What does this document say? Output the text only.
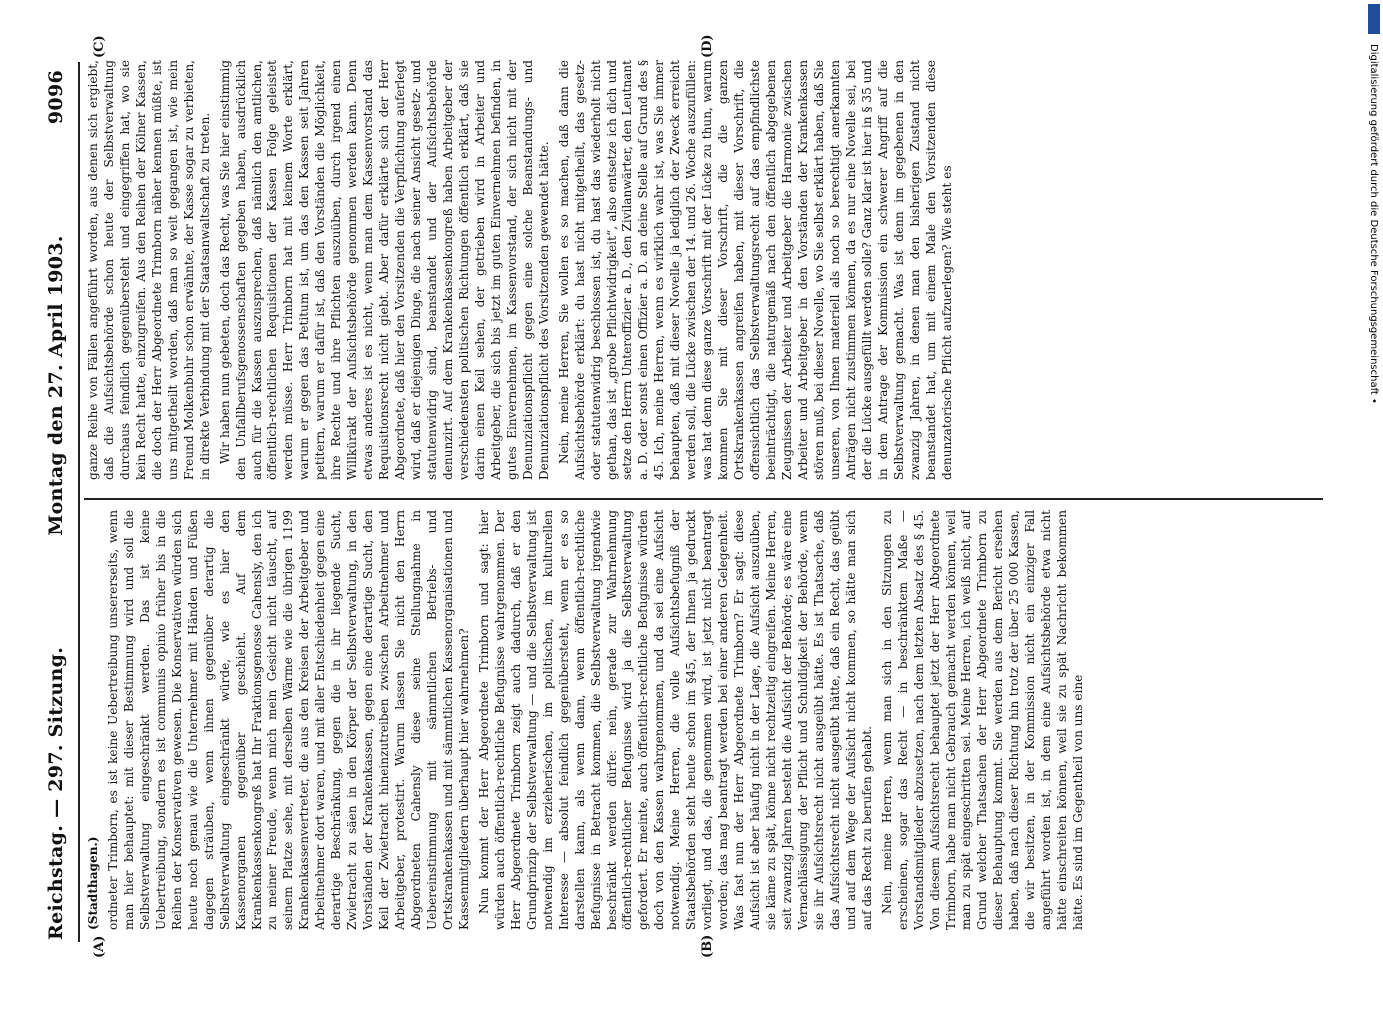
Reichstag. — 297. Sitzung.
Montag den 27. April 1903.
9096
(A)	(B)
(C)	(D)

(Stadthagen.) ordneter Trimborn, es ist keine Uebertreibung unsererseits, wenn man hier behauptet: mit dieser Bestimmung wird und soll die Selbstverwaltung eingeschränkt werden. Das ist keine Uebertreibung, sondern es ist communis opinio früher bis in die Reihen der Konservativen gewesen. Die Konservativen würden sich heute noch genau wie die Unternehmer mit Händen und Füßen dagegen sträuben, wenn ihnen gegenüber derartig die Selbstverwaltung eingeschränkt würde, wie es hier den Kassenorganen gegenüber geschieht. Auf dem Krankenkassenkongreß hat Ihr Fraktionsgenosse Cahensly, den ich zu meiner Freude, wenn mich mein Gesicht nicht täuscht, auf seinem Platze sehe, mit derselben Wärme wie die übrigen 1199 Krankenkassenvertreter, die aus den Kreisen der Arbeitgeber und Arbeitnehmer dort waren, und mit aller Entschiedenheit gegen eine derartige Beschränkung, gegen die in ihr liegende Sucht, Zwietracht zu säen in den Körper der Selbstverwaltung, in den Vorständen der Krankenkassen, gegen eine derartige Sucht, den Keil der Zwietracht hineinzutreiben zwischen Arbeitnehmer und Arbeitgeber, protestirt. Warum lassen Sie nicht den Herrn Abgeordneten Cahensly diese seine Stellungnahme in Uebereinstimmung mit sämmtlichen Betriebs- und Ortskrankenkassen und mit sämmtlichen Kassenorganisationen und Kassenmitgliedern überhaupt hier wahrnehmen? Nun kommt der Herr Abgeordnete Trimborn und sagt: hier würden auch öffentlich-rechtliche Befugnisse wahrgenommen. Der Herr Abgeordnete Trimborn zeigt auch dadurch, daß er den Grundprinzip der Selbstverwaltung — und die Selbstverwaltung ist notwendig im erzieherischen, im politischen, im kulturellen Interesse — absolut feindlich gegenübersteht, wenn er es so darstellen kann, als wenn dann, wenn öffentlich-rechtliche Befugnisse in Betracht kommen, die Selbstverwaltung irgendwie beschränkt werden dürfe: nein, gerade zur Wahrnehmung öffentlich-rechtlicher Befugnisse wird ja die Selbstverwaltung gefordert. Er meinte, auch öffentlich-rechtliche Befugnisse würden doch von den Kassen wahrgenommen, und da sei eine Aufsicht notwendig. Meine Herren, die volle Aufsichtsbefugniß der Staatsbehörden steht heute schon im §45, der Ihnen ja gedruckt vorliegt, und das, die genommen wird, ist jetzt nicht beantragt worden; das mag beantragt werden bei einer anderen Gelegenheit. Was fast nun der Herr Abgeordnete Trimborn? Er sagt: diese Aufsicht ist aber häufig nicht in der Lage, die Aufsicht auszuüben, sie käme zu spät, könne nicht rechtzeitig eingreifen. Meine Herren, seit zwanzig Jahren besteht die Aufsicht der Behörde; es wäre eine Vernachlässigung der Pflicht und Schuldigkeit der Behörde, wenn sie ihr Aufsichtsrecht nicht ausgeübt hätte. Es ist Thatsache, daß das Aufsichtsrecht nicht ausgeübt hätte, daß ein Recht, das geübt und auf dem Wege der Aufsicht nicht kommen, so hätte man sich auf das Recht zu berufen gehabt. Nein, meine Herren, wenn man sich in den Sitzungen zu erscheinen, sogar das Recht — in beschränktem Maße — Vorstandsmitglieder abzusetzen, nach dem letzten Absatz des § 45. Von diesem Aufsichtsrecht behauptet jetzt der Herr Abgeordnete Trimborn, habe man nicht Gebrauch gemacht werden können, weil man zu spät eingeschritten sei. Meine Herren, ich weiß nicht, auf Grund welcher Thatsachen der Herr Abgeordnete Trimborn zu dieser Behauptung kommt. Sie werden aus dem Bericht ersehen haben, daß nach dieser Richtung hin trotz der über 25 000 Kassen, die wir besitzen, in der Kommission nicht ein einziger Fall angeführt worden ist, in dem eine Aufsichtsbehörde etwa nicht hätte einschreiten können, weil sie zu spät Nachricht bekommen hätte. Es sind im Gegentheil von uns eine

ganze Reihe von Fällen angeführt worden, aus denen sich ergiebt, daß die Aufsichtsbehörde schon heute der Selbstverwaltung durchaus feindlich gegenübersteht und eingegriffen hat, wo sie kein Recht hatte, einzugreifen. Aus den Reihen der Kölner Kassen, die doch der Herr Abgeordnete Trimborn näher kennen müßte, ist uns mitgetheilt worden, daß man so weit gegangen ist, wie mein Freund Molkenbuhr schon erwähnte, der Kasse sogar zu verbieten, in direkte Verbindung mit der Staatsanwaltschaft zu treten. Wir haben nun gebeten, doch das Recht, was Sie hier einstimmig den Unfallberufsgenossenschaften gegeben haben, ausdrücklich auch für die Kassen auszusprechen, daß nämlich den amtlichen, öffentlich-rechtlichen Requisitionen der Kassen Folge geleistet werden müsse. Herr Trimborn hat mit keinem Worte erklärt, warum er gegen das Petitum ist, um das den Kassen seit Jahren petitern, warum er dafür ist, daß den Vorständen die Möglichkeit, ihre Rechte und ihre Pflichten auszuüben, durch irgend einen Willkürakt der Aufsichtsbehörde genommen werden kann. Denn etwas anderes ist es nicht, wenn man dem Kassenvorstand das Requisitionsrecht nicht giebt. Aber dafür erklärte sich der Herr Abgeordnete, daß hier den Vorsitzenden die Verpflichtung auferlegt wird, daß er diejenigen Dinge, die nach seiner Ansicht gesetz- und statutenwidrig sind, beanstandet und der Aufsichtsbehörde denunzirt. Auf dem Krankenkassenkongreß haben Arbeitgeber der verschiedensten politischen Richtungen öffentlich erklärt, daß sie darin einen Keil sehen, der getrieben wird in Arbeiter und Arbeitgeber, die sich bis jetzt im guten Einvernehmen befinden, in gutes Einvernehmen, im Kassenvorstand, der sich nicht mit der Denunziationspflicht gegen eine solche Beanstandungs- und Denunziationspflicht des Vorsitzenden gewendet hätte. Nein, meine Herren, Sie wollen es so machen, daß dann die Aufsichtsbehörde erklärt: du hast nicht mitgetheilt, das gesetz- oder statutenwidrig beschlossen ist, du hast das wiederholt nicht gethan, das ist „grobe Pflichtwidrigkeit“, also entsetze ich dich und setze den Herrn Unteroffizier a. D., den Zivilanwärter, den Leutnant a. D. oder sonst einen Offizier a. D. an deine Stelle auf Grund des § 45. Ich, meine Herren, wenn es wirklich wahr ist, was Sie immer behaupten, daß mit dieser Novelle ja lediglich der Zweck erreicht werden soll, die Lücke zwischen der 14. und 26. Woche auszufüllen: was hat denn diese ganze Vorschrift mit der Lücke zu thun, warum kommen Sie mit dieser Vorschrift, die die ganzen Ortskrankenkassen angreifen haben, mit dieser Vorschrift, die offensichtlich das Selbstverwaltungsrecht auf das empfindlichste beeinträchtigt, die naturgemäß nach den öffentlich abgegebenen Zeugnissen der Arbeiter und Arbeitgeber die Harmonie zwischen Arbeiter und Arbeitgeber in den Vorständen der Krankenkassen stören muß, bei dieser Novelle, wo Sie selbst erklärt haben, daß Sie unseren, von Ihnen materiell als noch so berechtigt anerkannten Anträgen nicht zustimmen können, da es nur eine Novelle sei, bei der die Lücke ausgefüllt werden solle? Ganz klar ist hier in § 35 und in dem Antrage der Kommission ein schwerer Angriff auf die Selbstverwaltung gemacht. Was ist denn im gegebenen in den zwanzig Jahren, in denen man den bisherigen Zustand nicht beanstandet hat, um mit einem Male den Vorsitzenden diese denunzatorische Pflicht aufzuerlegen? Wie steht es	Digitalisierung gefördert durch die Deutsche Forschungsgemeinschaft •
